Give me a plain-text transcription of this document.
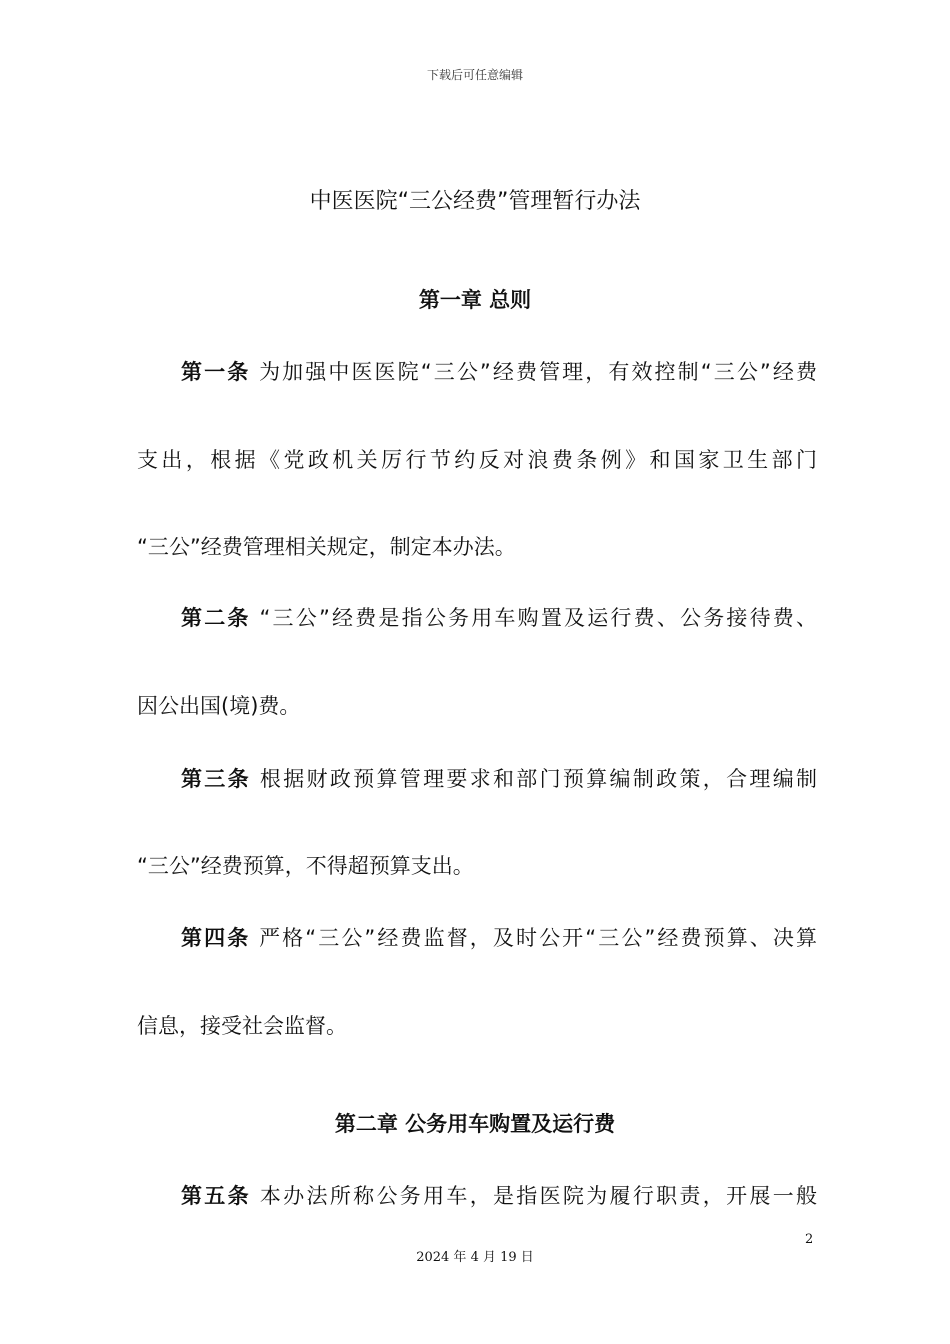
下载后可任意编辑
中医医院“三公经费”管理暂行办法
第一章 总则
第一条 为加强中医医院“三公”经费管理，有效控制“三公”经费
支出，根据《党政机关厉行节约反对浪费条例》和国家卫生部门
“三公”经费管理相关规定，制定本办法。
第二条 “三公”经费是指公务用车购置及运行费、公务接待费、
因公出国(境)费。
第三条 根据财政预算管理要求和部门预算编制政策，合理编制
“三公”经费预算，不得超预算支出。
第四条 严格“三公”经费监督，及时公开“三公”经费预算、决算
信息，接受社会监督。
第二章 公务用车购置及运行费
第五条 本办法所称公务用车，是指医院为履行职责，开展一般
2
2024 年 4 月 19 日
